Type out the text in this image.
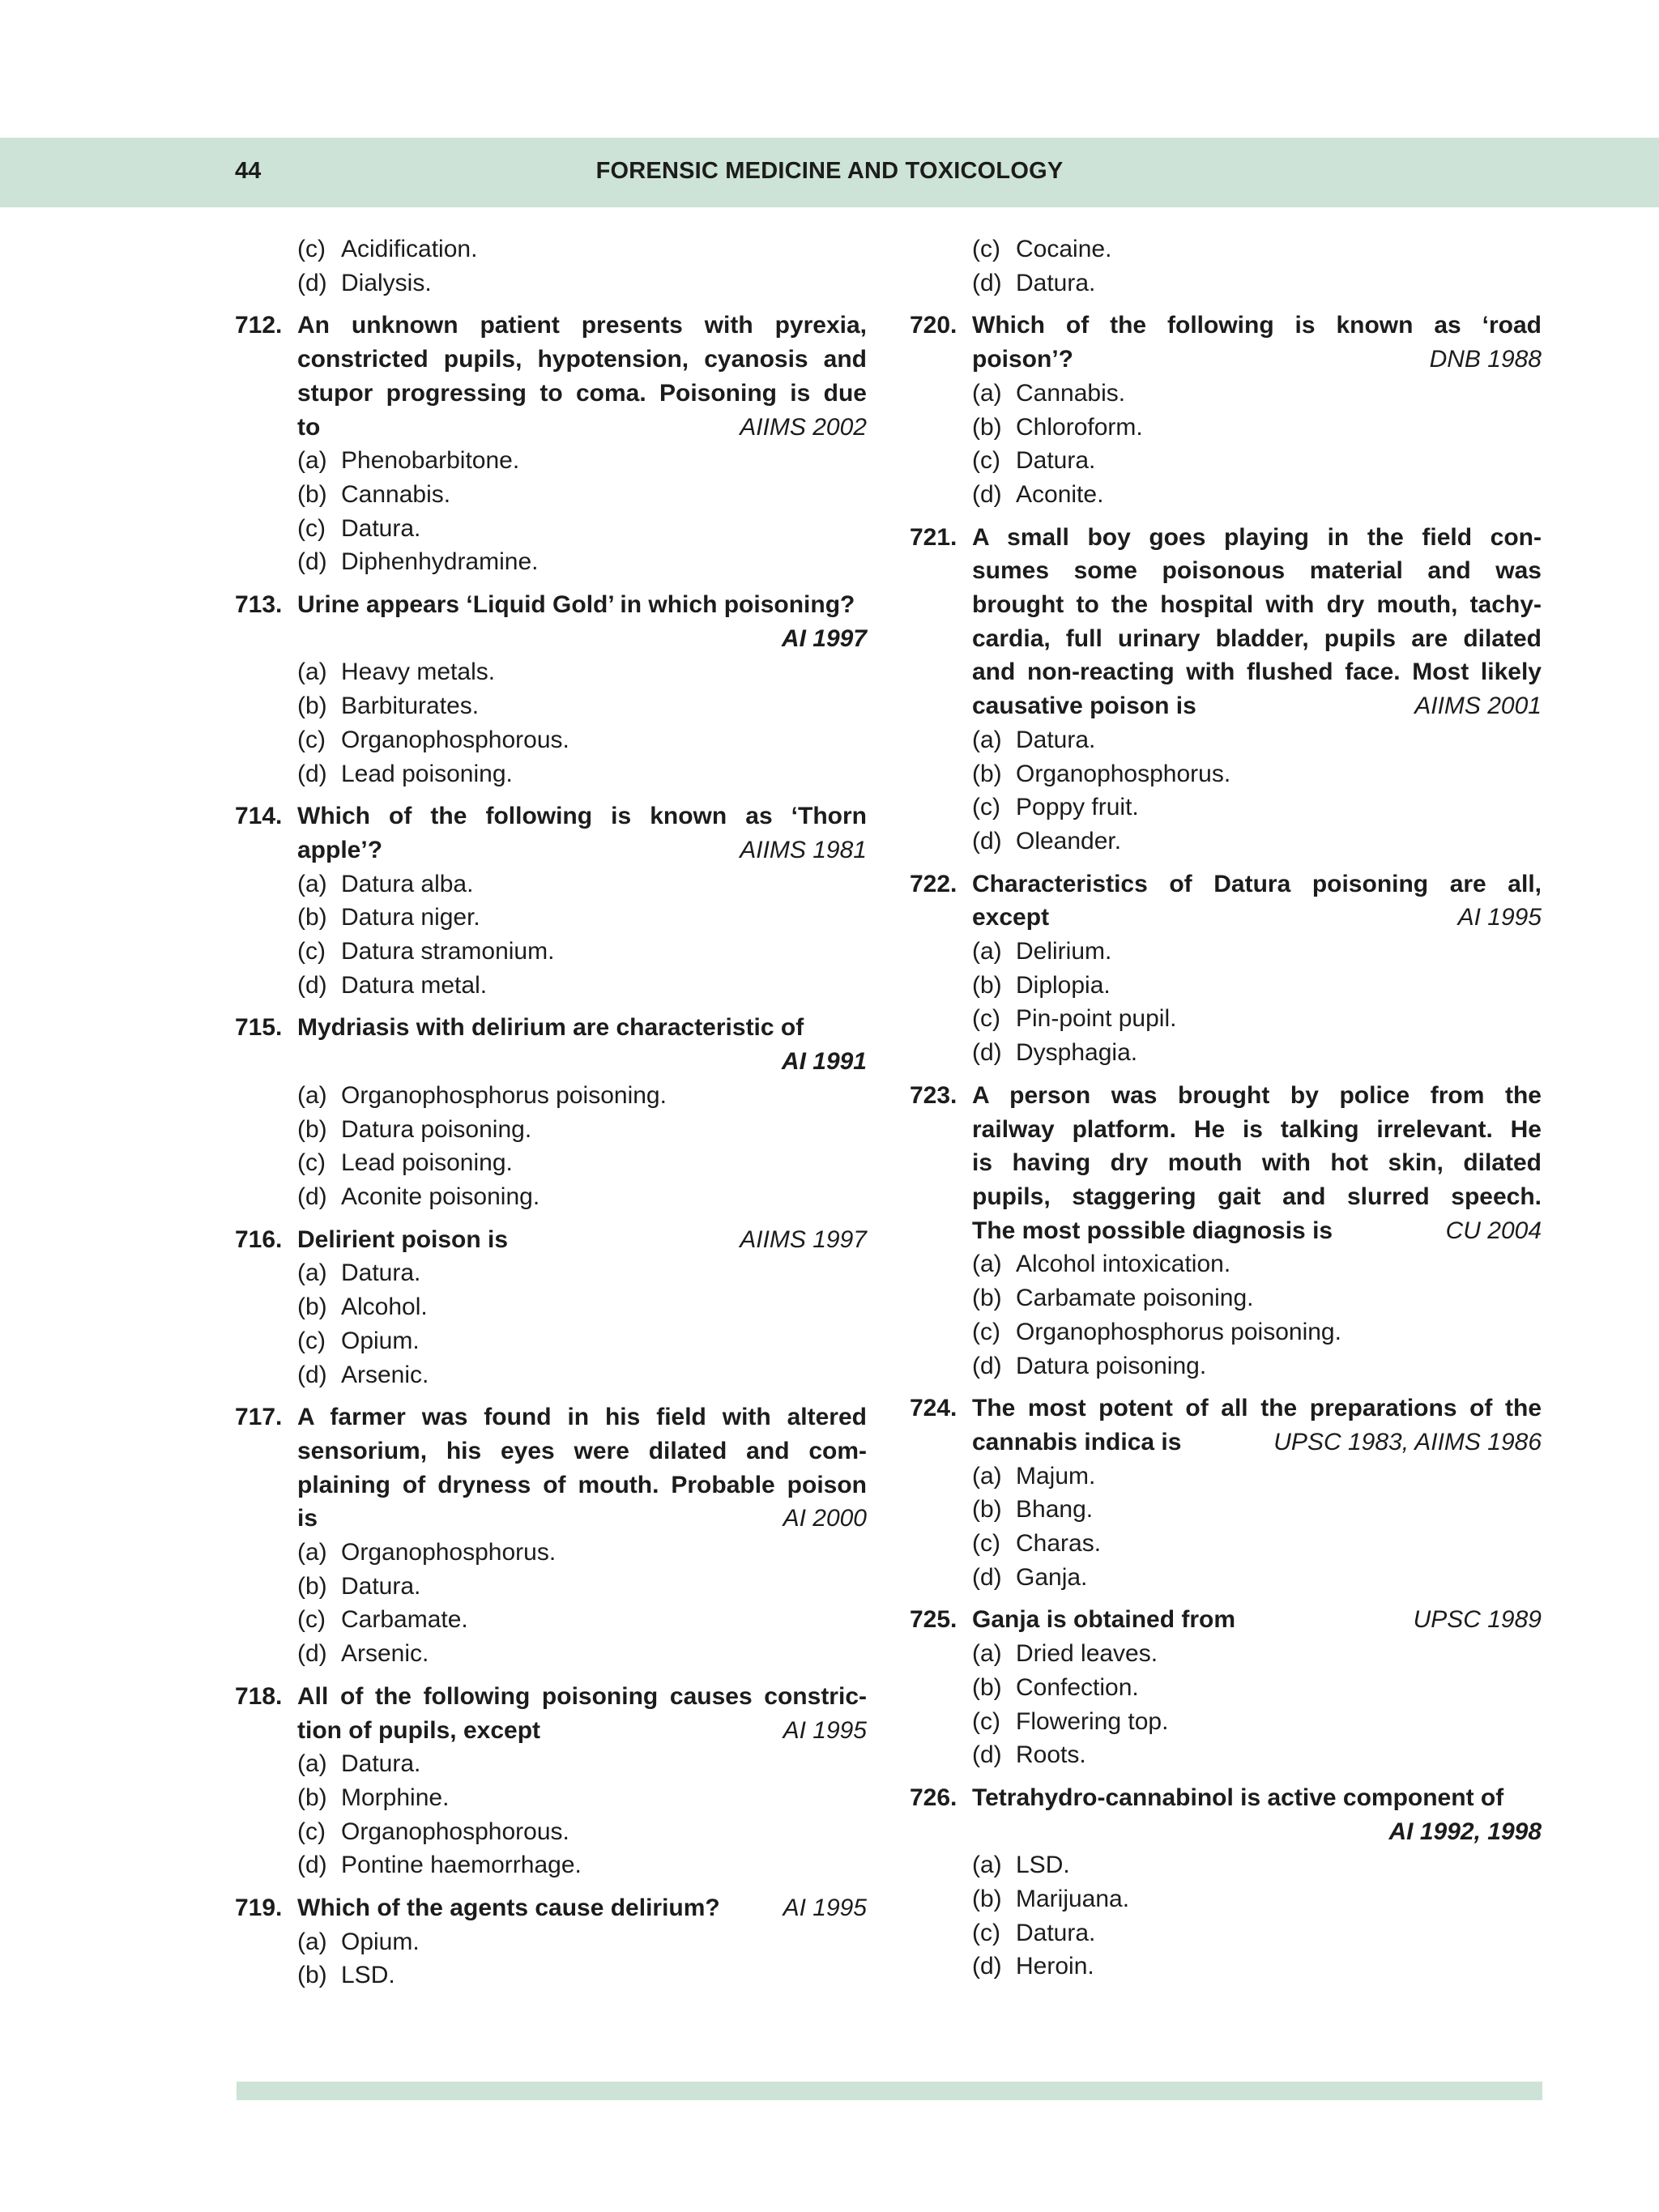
44	FORENSIC MEDICINE AND TOXICOLOGY
(c) Acidification.
(d) Dialysis.
712. An unknown patient presents with pyrexia,
constricted pupils, hypotension, cyanosis and
stupor progressing to coma. Poisoning is due
AIIMS 2002
to
(a) Phenobarbitone.
(b) Cannabis.
(c) Datura.
(d) Diphenhydramine.
713. Urine appears ‘Liquid Gold’ in which poisoning?
AI 1997
(a) Heavy metals.
(b) Barbiturates.
(c) Organophosphorous.
(d) Lead poisoning.
714. Which of the following is known as ‘Thorn
AIIMS 1981
apple’?
(a) Datura alba.
(b) Datura niger.
(c) Datura stramonium.
(d) Datura metal.
715. Mydriasis with delirium are characteristic of
AI 1991
(a) Organophosphorus poisoning.
(b) Datura poisoning.
(c) Lead poisoning.
(d) Aconite poisoning.
716.	AIIMS 1997
Delirient poison is
(a) Datura.
(b) Alcohol.
(c) Opium.
(d) Arsenic.
717. A farmer was found in his field with altered
sensorium, his eyes were dilated and com-
plaining of dryness of mouth. Probable poison
AI 2000
is
(a) Organophosphorus.
(b) Datura.
(c) Carbamate.
(d) Arsenic.
718. All of the following poisoning causes constric-
AI 1995
tion of pupils, except
(a) Datura.
(b) Morphine.
(c) Organophosphorous.
(d) Pontine haemorrhage.
719.	AI 1995
Which of the agents cause delirium?
(a) Opium.
(b) LSD.
(c) Cocaine.
(d) Datura.
720. Which of the following is known as ‘road
DNB 1988
poison’?
(a) Cannabis.
(b) Chloroform.
(c) Datura.
(d) Aconite.
721. A small boy goes playing in the field con-
sumes some poisonous material and was
brought to the hospital with dry mouth, tachy-
cardia, full urinary bladder, pupils are dilated
and non-reacting with flushed face. Most likely
AIIMS 2001
causative poison is
(a) Datura.
(b) Organophosphorus.
(c) Poppy fruit.
(d) Oleander.
722. Characteristics of Datura poisoning are all,
AI 1995
except
(a) Delirium.
(b) Diplopia.
(c) Pin-point pupil.
(d) Dysphagia.
723. A person was brought by police from the
railway platform. He is talking irrelevant. He
is having dry mouth with hot skin, dilated
pupils, staggering gait and slurred speech.
CU 2004
The most possible diagnosis is
(a) Alcohol intoxication.
(b) Carbamate poisoning.
(c) Organophosphorus poisoning.
(d) Datura poisoning.
724. The most potent of all the preparations of the
UPSC 1983, AIIMS 1986
cannabis indica is
(a) Majum.
(b) Bhang.
(c) Charas.
(d) Ganja.
725.	UPSC 1989
Ganja is obtained from
(a) Dried leaves.
(b) Confection.
(c) Flowering top.
(d) Roots.
726. Tetrahydro-cannabinol is active component of
AI 1992, 1998
(a) LSD.
(b) Marijuana.
(c) Datura.
(d) Heroin.
